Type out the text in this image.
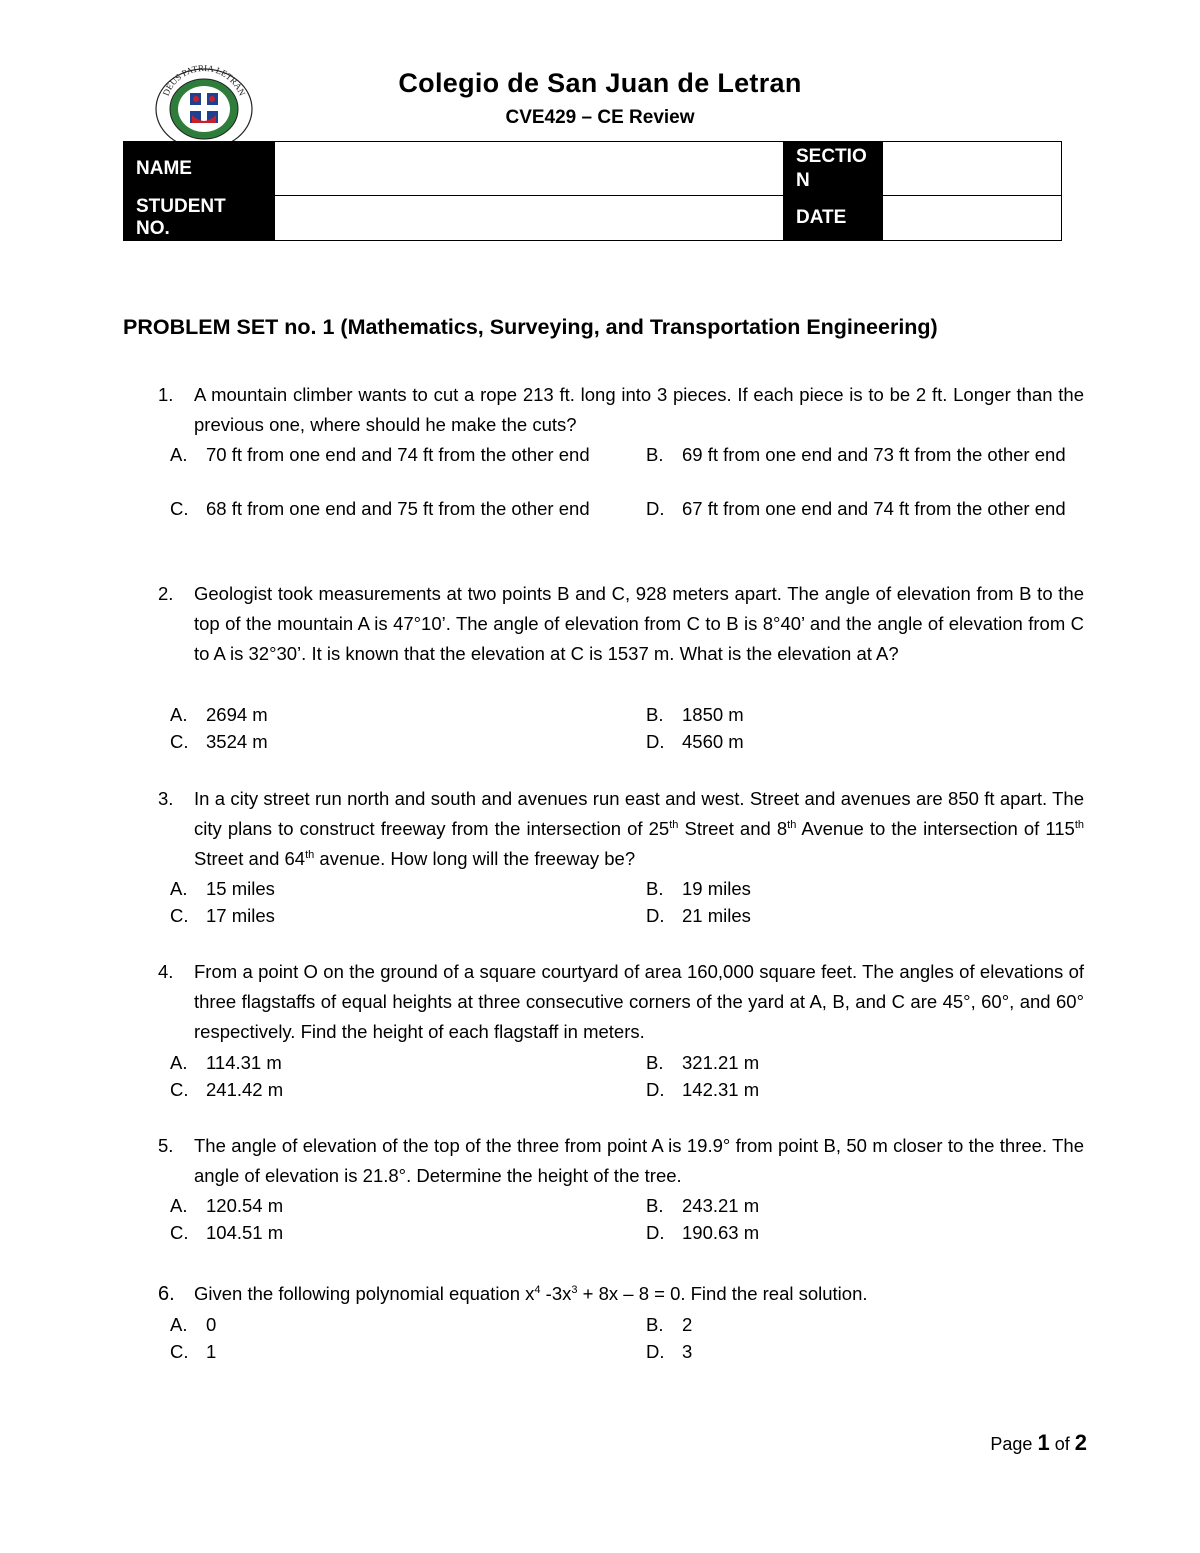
DEUS PATRIA LETRAN	Colegio de San Juan de Letran
CVE429 – CE Review
NAME		SECTIO
N	
STUDENT NO.		DATE	
PROBLEM SET no. 1 (Mathematics, Surveying, and Transportation Engineering)
1. A mountain climber wants to cut a rope 213 ft. long into 3 pieces. If each piece is to be 2 ft. Longer than the previous one, where should he make the cuts?
A. 70 ft from one end and 74 ft from the other end	B. 69 ft from one end and 73 ft from the other end
C. 68 ft from one end and 75 ft from the other end	D. 67 ft from one end and 74 ft from the other end
2. Geologist took measurements at two points B and C, 928 meters apart. The angle of elevation from B to the top of the mountain A is 47°10’. The angle of elevation from C to B is 8°40’ and the angle of elevation from C to A is 32°30’. It is known that the elevation at C is 1537 m. What is the elevation at A?
A. 2694 m	B. 1850 m
C. 3524 m	D. 4560 m
3. In a city street run north and south and avenues run east and west. Street and avenues are 850 ft apart. The city plans to construct freeway from the intersection of 25th Street and 8th Avenue to the intersection of 115th Street and 64th avenue. How long will the freeway be?
A. 15 miles	B. 19 miles
C. 17 miles	D. 21 miles
4. From a point O on the ground of a square courtyard of area 160,000 square feet. The angles of elevations of three flagstaffs of equal heights at three consecutive corners of the yard at A, B, and C are 45°, 60°, and 60° respectively. Find the height of each flagstaff in meters.
A. 114.31 m	B. 321.21 m
C. 241.42 m	D. 142.31 m
5. The angle of elevation of the top of the three from point A is 19.9° from point B, 50 m closer to the three. The angle of elevation is 21.8°. Determine the height of the tree.
A. 120.54 m	B. 243.21 m
C. 104.51 m	D. 190.63 m
6. Given the following polynomial equation $x^4$ $-3x^3 + 8x - 8 = 0$. Find the real solution.
A. 0	B. 2
C. 1	D. 3
Page 1 of 2
